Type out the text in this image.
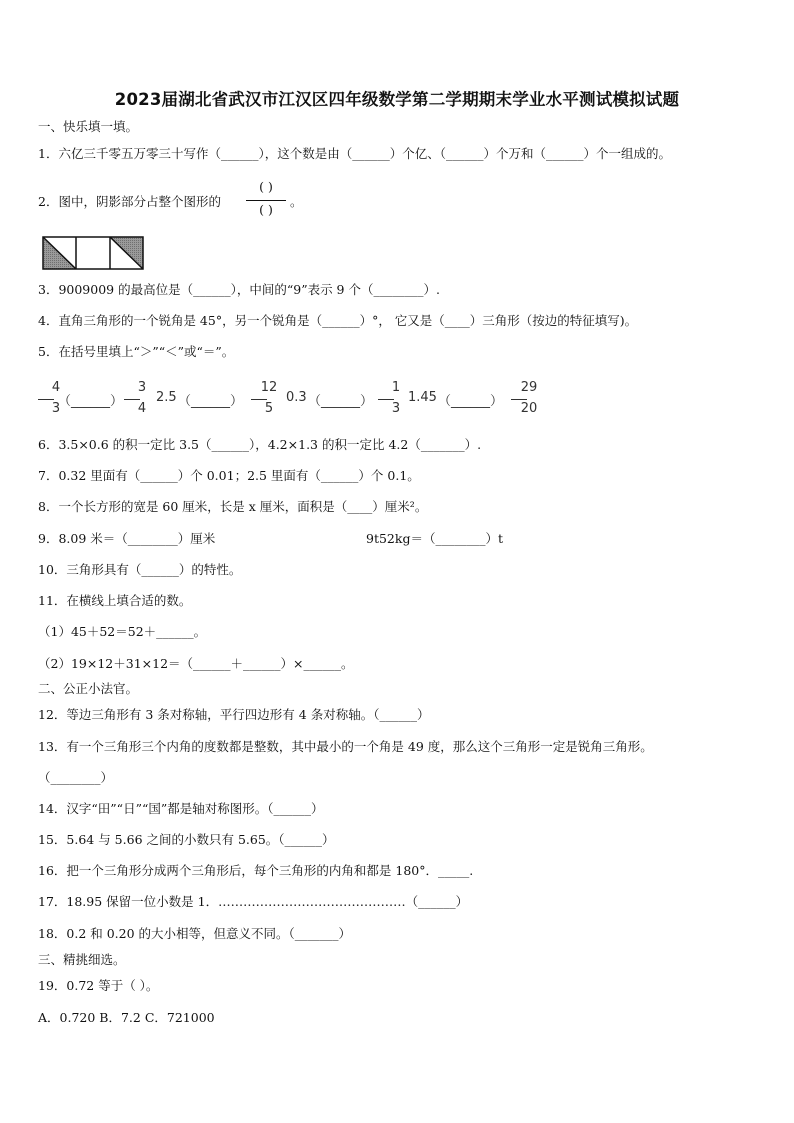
2023届湖北省武汉市江汉区四年级数学第二学期期末学业水平测试模拟试题
一、快乐填一填。
1．六亿三千零五万零三十写作（______），这个数是由（______）个亿、（______）个万和（______）个一组成的。
2．图中，阴影部分占整个图形的
( )
( )
。
3．9009009 的最高位是（______），中间的“9”表示 9 个（________）.
4．直角三角形的一个锐角是 45°，另一个锐角是（______）°， 它又是（____）三角形（按边的特征填写)。
5．在括号里填上“＞”“＜”或“＝”。
4
3
（______）
3
4
2.5 （______）
12
5
0.3 （______）
1
3
1.45 （______）
29
20
6．3.5×0.6 的积一定比 3.5（______），4.2×1.3 的积一定比 4.2（_______）.
7．0.32 里面有（______）个 0.01；2.5 里面有（______）个 0.1。
8．一个长方形的宽是 60 厘米，长是 x 厘米，面积是（____）厘米²。
9．8.09 米＝（________）厘米	9t52kg＝（________）t
10．三角形具有（______）的特性。
11．在横线上填合适的数。
（1）45＋52＝52＋______。
（2）19×12＋31×12＝（______＋______）×______。
二、公正小法官。
12．等边三角形有 3 条对称轴，平行四边形有 4 条对称轴。（______）
13．有一个三角形三个内角的度数都是整数，其中最小的一个角是 49 度，那么这个三角形一定是锐角三角形。
（________）
14．汉字“田”“日”“国”都是轴对称图形。（______）
15．5.64 与 5.66 之间的小数只有 5.65。（______）
16．把一个三角形分成两个三角形后，每个三角形的内角和都是 180°．_____.
17．18.95 保留一位小数是 1．………………………………………（______）
18．0.2 和 0.20 的大小相等，但意义不同。（_______）
三、精挑细选。
19．0.72 等于（ ）。
A．0.720 B．7.2 C．721000
